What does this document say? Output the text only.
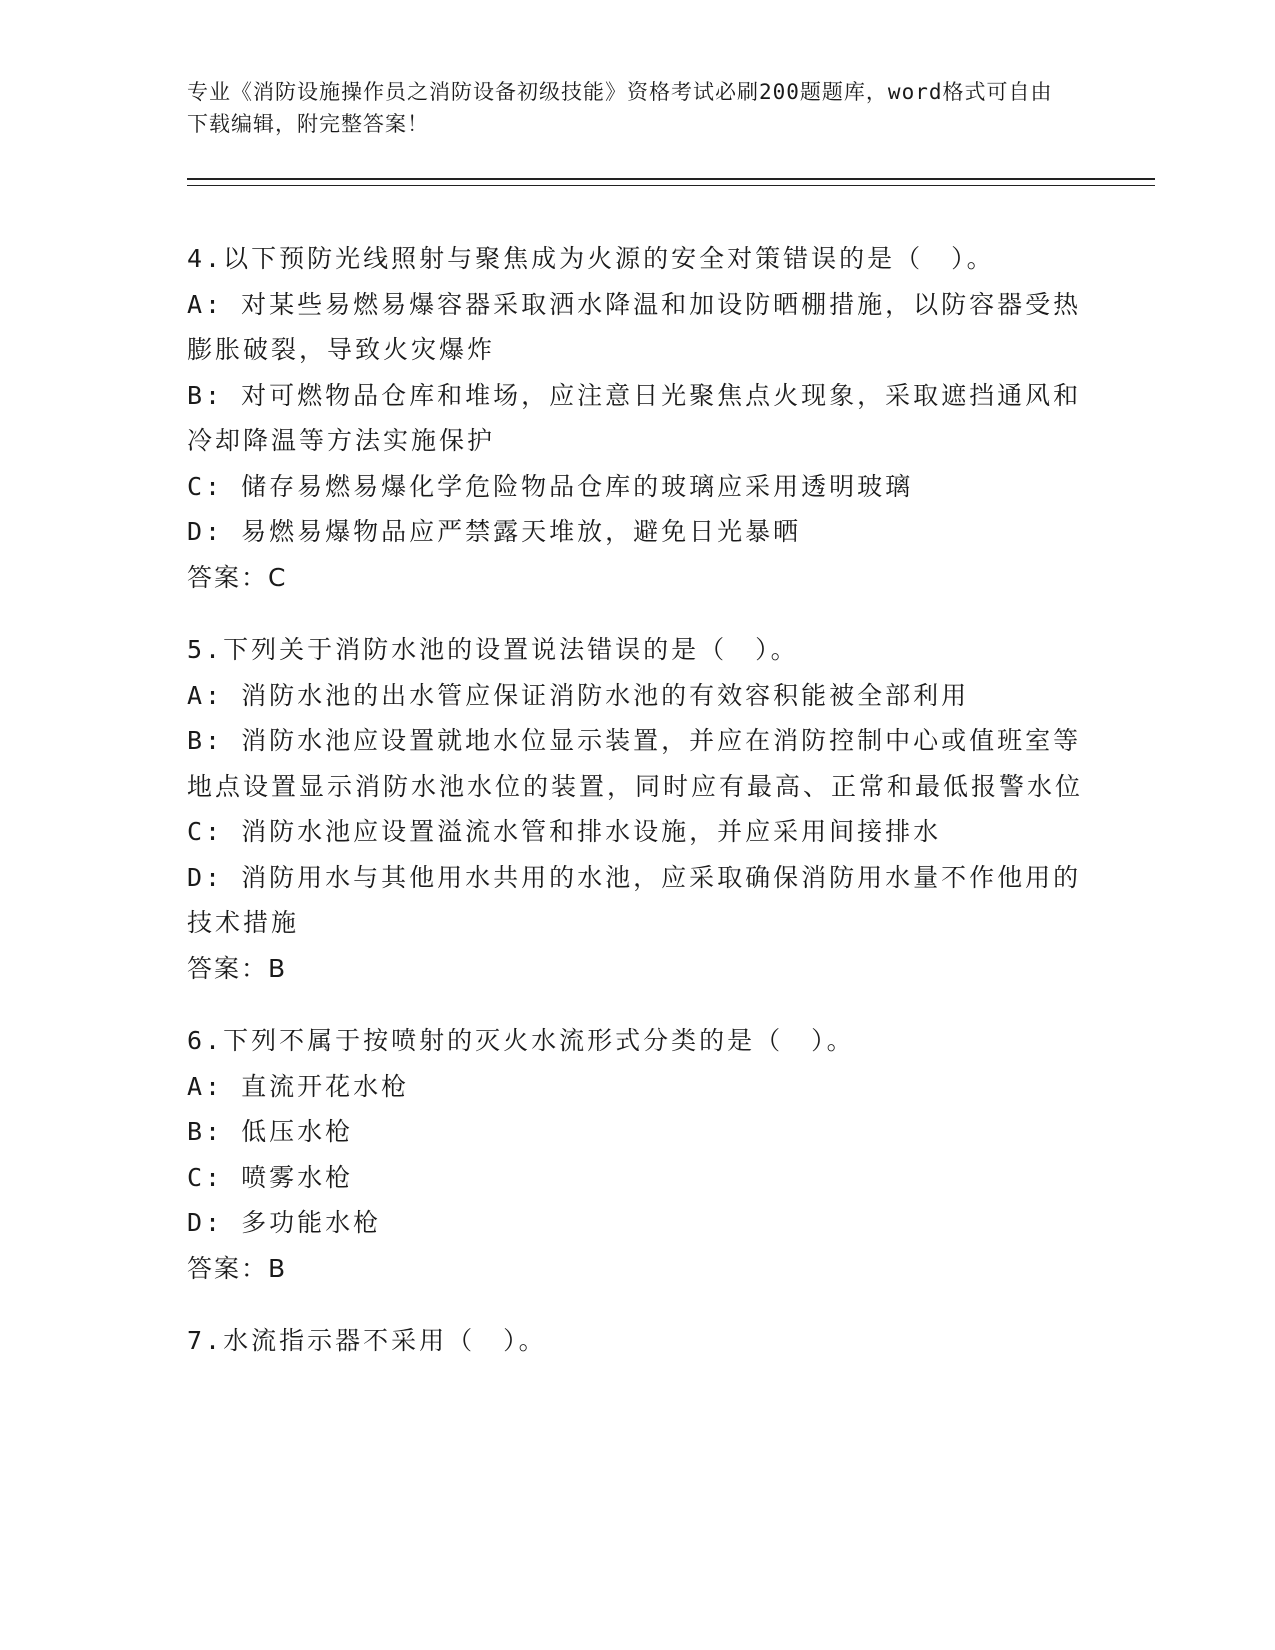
专业《消防设施操作员之消防设备初级技能》资格考试必刷200题题库，word格式可自由下载编辑，附完整答案！
4.以下预防光线照射与聚焦成为火源的安全对策错误的是（　）。
A: 对某些易燃易爆容器采取洒水降温和加设防晒棚措施，以防容器受热膨胀破裂，导致火灾爆炸
B: 对可燃物品仓库和堆场，应注意日光聚焦点火现象，采取遮挡通风和冷却降温等方法实施保护
C: 储存易燃易爆化学危险物品仓库的玻璃应采用透明玻璃
D: 易燃易爆物品应严禁露天堆放，避免日光暴晒
答案：C
5.下列关于消防水池的设置说法错误的是（　）。
A: 消防水池的出水管应保证消防水池的有效容积能被全部利用
B: 消防水池应设置就地水位显示装置，并应在消防控制中心或值班室等地点设置显示消防水池水位的装置，同时应有最高、正常和最低报警水位
C: 消防水池应设置溢流水管和排水设施，并应采用间接排水
D: 消防用水与其他用水共用的水池，应采取确保消防用水量不作他用的技术措施
答案：B
6.下列不属于按喷射的灭火水流形式分类的是（　）。
A: 直流开花水枪
B: 低压水枪
C: 喷雾水枪
D: 多功能水枪
答案：B
7.水流指示器不采用（　）。
